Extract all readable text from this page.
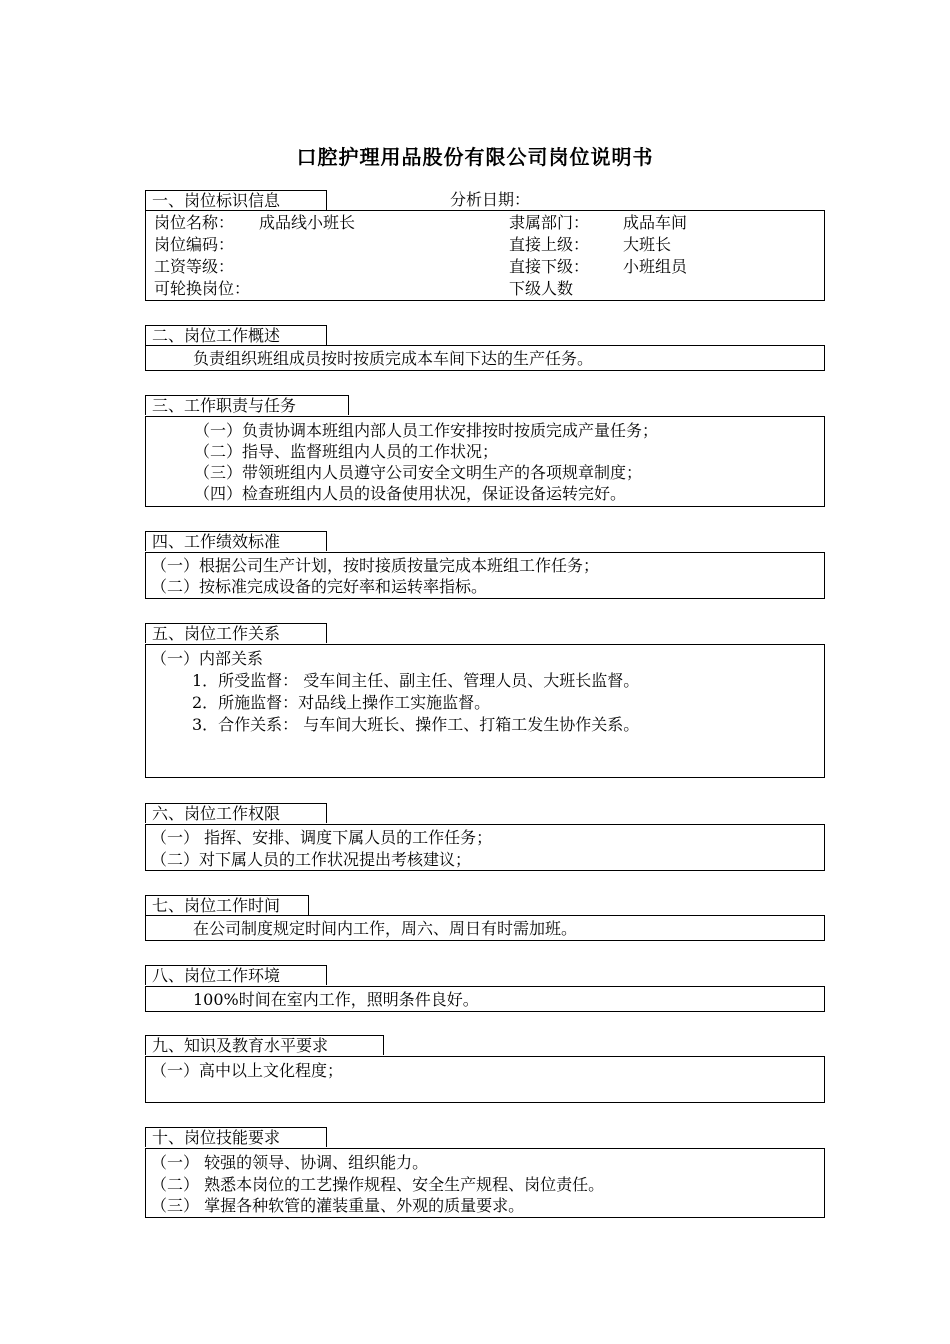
口腔护理用品股份有限公司岗位说明书
一、岗位标识信息	分析日期：
岗位名称： 成品线小班长	隶属部门： 成品车间
岗位编码：	直接上级： 大班长
工资等级：	直接下级： 小班组员
可轮换岗位：	下级人数
二、岗位工作概述
负责组织班组成员按时按质完成本车间下达的生产任务。
三、工作职责与任务
（一）负责协调本班组内部人员工作安排按时按质完成产量任务；
（二）指导、监督班组内人员的工作状况；
（三）带领班组内人员遵守公司安全文明生产的各项规章制度；
（四）检查班组内人员的设备使用状况，保证设备运转完好。
四、工作绩效标准
（一）根据公司生产计划，按时接质按量完成本班组工作任务；
（二）按标准完成设备的完好率和运转率指标。
五、岗位工作关系
（一）内部关系
1．所受监督： 受车间主任、副主任、管理人员、大班长监督。
2．所施监督：对品线上操作工实施监督。
3．合作关系： 与车间大班长、操作工、打箱工发生协作关系。
六、岗位工作权限
（一） 指挥、安排、调度下属人员的工作任务；
（二）对下属人员的工作状况提出考核建议；
七、岗位工作时间
在公司制度规定时间内工作，周六、周日有时需加班。
八、岗位工作环境
100%时间在室内工作，照明条件良好。
九、知识及教育水平要求
（一）高中以上文化程度；
十、岗位技能要求
（一） 较强的领导、协调、组织能力。
（二） 熟悉本岗位的工艺操作规程、安全生产规程、岗位责任。
（三） 掌握各种软管的灌装重量、外观的质量要求。
